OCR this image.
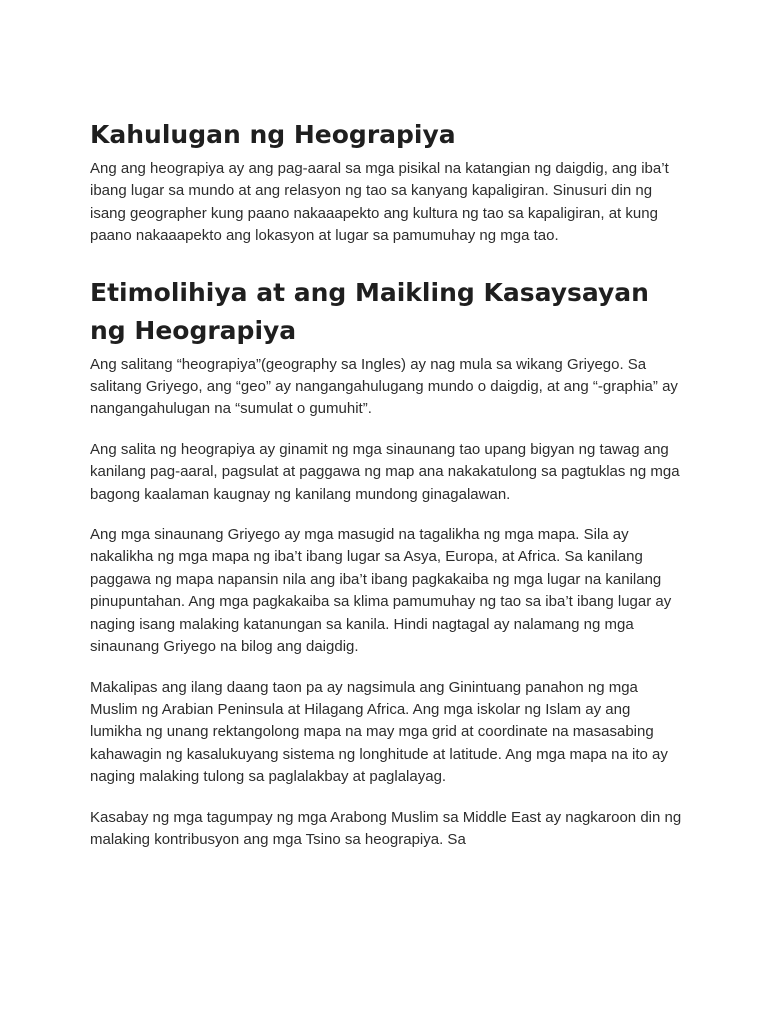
Kahulugan ng Heograpiya

Ang ang heograpiya ay ang pag-aaral sa mga pisikal na katangian ng daigdig, ang iba’t ibang lugar sa mundo at ang relasyon ng tao sa kanyang kapaligiran. Sinusuri din ng isang geographer kung paano nakaaapekto ang kultura ng tao sa kapaligiran, at kung paano nakaaapekto ang lokasyon at lugar sa pamumuhay ng mga tao.

Etimolihiya at ang Maikling Kasaysayan ng Heograpiya

Ang salitang “heograpiya”(geography sa Ingles) ay nag mula sa wikang Griyego. Sa salitang Griyego, ang “geo” ay nangangahulugang mundo o daigdig, at ang “-graphia” ay nangangahulugan na “sumulat o gumuhit”.

Ang salita ng heograpiya ay ginamit ng mga sinaunang tao upang bigyan ng tawag ang kanilang pag-aaral, pagsulat at paggawa ng map ana nakakatulong sa pagtuklas ng mga bagong kaalaman kaugnay ng kanilang mundong ginagalawan.

Ang mga sinaunang Griyego ay mga masugid na tagalikha ng mga mapa. Sila ay nakalikha ng mga mapa ng iba’t ibang lugar sa Asya, Europa, at Africa. Sa kanilang paggawa ng mapa napansin nila ang iba’t ibang pagkakaiba ng mga lugar na kanilang pinupuntahan. Ang mga pagkakaiba sa klima pamumuhay ng tao sa iba’t ibang lugar ay naging isang malaking katanungan sa kanila. Hindi nagtagal ay nalamang ng mga sinaunang Griyego na bilog ang daigdig.

Makalipas ang ilang daang taon pa ay nagsimula ang Ginintuang panahon ng mga Muslim ng Arabian Peninsula at Hilagang Africa. Ang mga iskolar ng Islam ay ang lumikha ng unang rektangolong mapa na may mga grid at coordinate na masasabing kahawagin ng kasalukuyang sistema ng longhitude at latitude. Ang mga mapa na ito ay naging malaking tulong sa paglalakbay at paglalayag.

Kasabay ng mga tagumpay ng mga Arabong Muslim sa Middle East ay nagkaroon din ng malaking kontribusyon ang mga Tsino sa heograpiya. Sa
